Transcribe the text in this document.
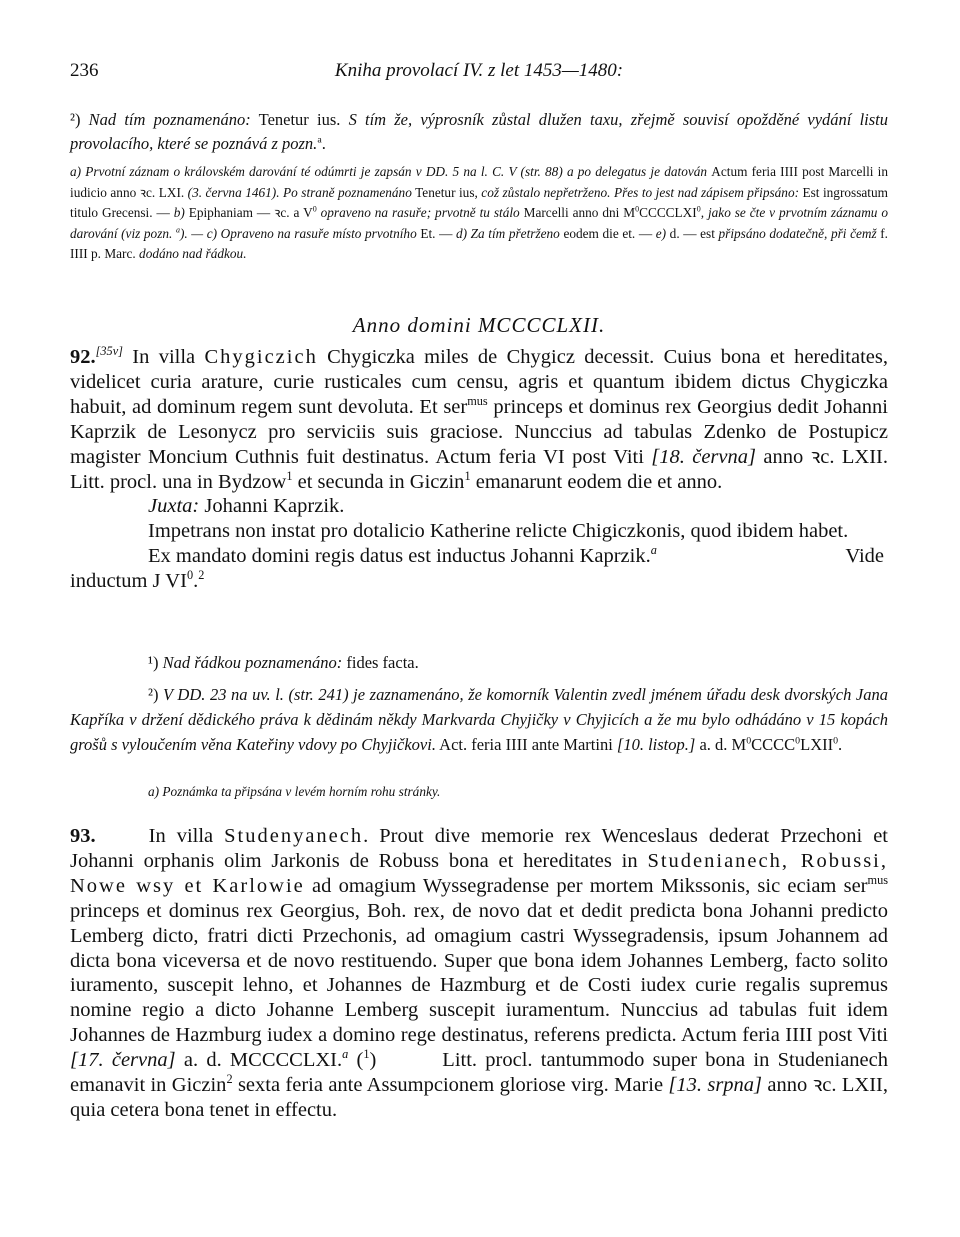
236	Kniha provolací IV. z let 1453—1480:
²) Nad tím poznamenáno: Tenetur ius. S tím že, výprosník zůstal dlužen taxu, zřejmě souvisí opožděné vydání listu provolacího, které se poznává z pozn.$^a$.
a) Prvotní záznam o královském darování té odúmrti je zapsán v DD. 5 na l. C. V (str. 88) a po delegatus je datován Actum feria IIII post Marcelli in iudicio anno ꝛc. LXI. (3. června 1461). Po straně poznamenáno Tenetur ius, což zůstalo nepřetrženo. Přes to jest nad zápisem připsáno: Est ingrossatum titulo Grecensi. — b) Epiphaniam — ꝛc. a $V^0$ opraveno na rasuře; prvotně tu stálo Marcelli anno dni $M^0CCCCLXI^0$, jako se čte v prvotním záznamu o darování (viz pozn. $^a$). — c) Opraveno na rasuře místo prvotního Et. — d) Za tím přetrženo eodem die et. — e) d. — est připsáno dodatečně, při čemž f. IIII p. Marc. dodáno nad řádkou.
Anno domini MCCCCLXII.

92.[35v] In villa Chygiczich Chygiczka miles de Chygicz decessit. Cuius bona et hereditates, videlicet curia arature, curie rusticales cum censu, agris et quantum ibidem dictus Chygiczka habuit, ad dominum regem sunt devoluta. Et ser$^{mus}$ princeps et dominus rex Georgius dedit Johanni Kaprzik de Lesonycz pro serviciis suis graciose. Nunccius ad tabulas Zdenko de Postupicz magister Moncium Cuthnis fuit destinatus. Actum feria VI post Viti [18. června] anno ꝛc. LXII. Litt. procl. una in Bydzow$^1$ et secunda in Giczin$^1$ emanarunt eodem die et anno.

Juxta: Johanni Kaprzik.

Impetrans non instat pro dotalicio Katherine relicte Chigiczkonis, quod ibidem habet.

Ex mandato domini regis datus est inductus Johanni Kaprzik.$^a$	Vide

inductum J $VI^0.^2$

¹) Nad řádkou poznamenáno: fides facta.
²) V DD. 23 na uv. l. (str. 241) je zaznamenáno, že komorník Valentin zvedl jménem úřadu desk dvorských Jana Kapříka v držení dědického práva k dědinám někdy Markvarda Chyjičky v Chyjicích a že mu bylo odhádáno v 15 kopách grošů s vyloučením věna Kateřiny vdovy po Chyjičkovi. Act. feria IIII ante Martini [10. listop.] a. d. $M^0CCCC^0LXII^0$.
a) Poznámka ta připsána v levém horním rohu stránky.

93. In villa Studenyanech. Prout dive memorie rex Wenceslaus dederat Przechoni et Johanni orphanis olim Jarkonis de Robuss bona et hereditates in Studenianech, Robussi, Nowe wsy et Karlowie ad omagium Wyssegradense per mortem Mikssonis, sic eciam ser$^{mus}$ princeps et dominus rex Georgius, Boh. rex, de novo dat et dedit predicta bona Johanni predicto Lemberg dicto, fratri dicti Przechonis, ad omagium castri Wyssegradensis, ipsum Johannem ad dicta bona viceversa et de novo restituendo. Super que bona idem Johannes Lemberg, facto solito iuramento, suscepit lehno, et Johannes de Hazmburg et de Costi iudex curie regalis supremus nomine regio a dicto Johanne Lemberg suscepit iuramentum. Nunccius ad tabulas fuit idem Johannes de Hazmburg iudex a domino rege destinatus, referens predicta. Actum feria IIII post Viti [17. června] a. d. MCCCCLXI.$^a$ ($^1$)        Litt. procl. tantummodo super bona in Studenianech emanavit in Giczin$^2$ sexta feria ante Assumpcionem gloriose virg. Marie [13. srpna] anno ꝛc. LXII, quia cetera bona tenet in effectu.
